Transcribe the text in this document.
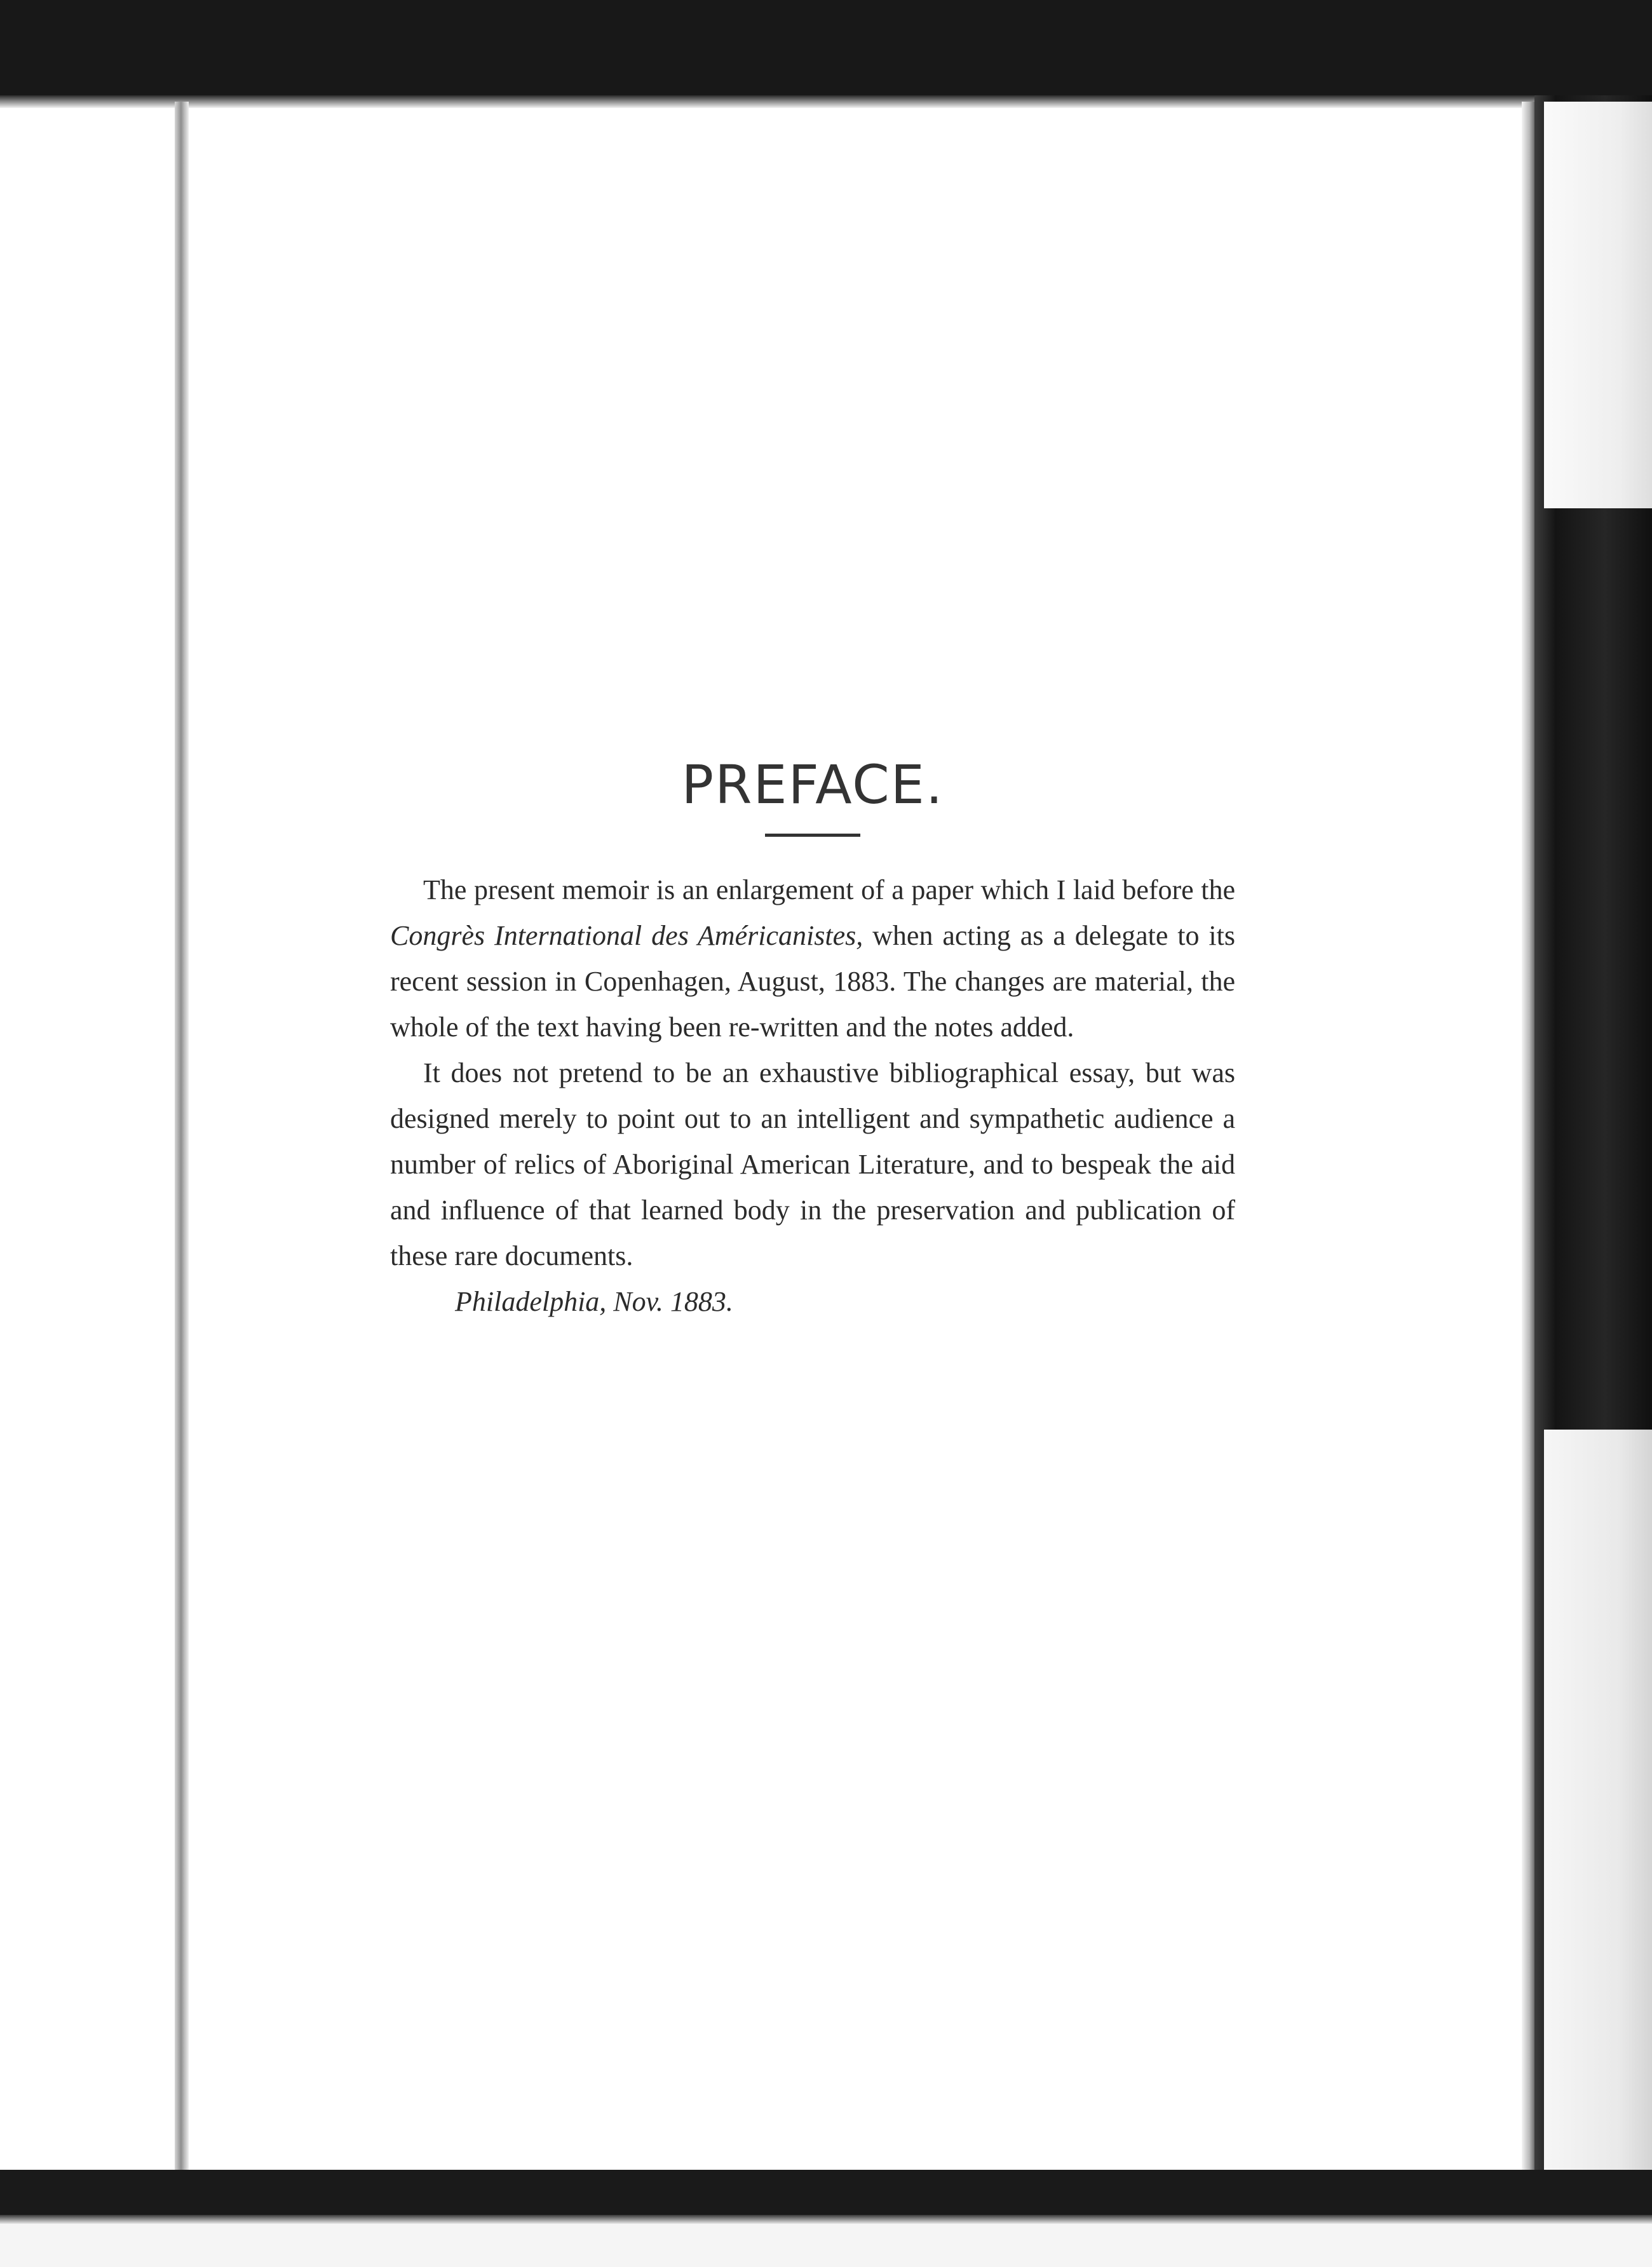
PREFACE.

The present memoir is an enlargement of a paper which I laid before the Congrès International des Américanistes, when acting as a delegate to its recent session in Copenhagen, August, 1883. The changes are material, the whole of the text having been re-written and the notes added.

It does not pretend to be an exhaustive bibliographical essay, but was designed merely to point out to an intelligent and sympathetic audience a number of relics of Aboriginal American Literature, and to bespeak the aid and influence of that learned body in the preservation and publication of these rare documents.

Philadelphia, Nov. 1883.
